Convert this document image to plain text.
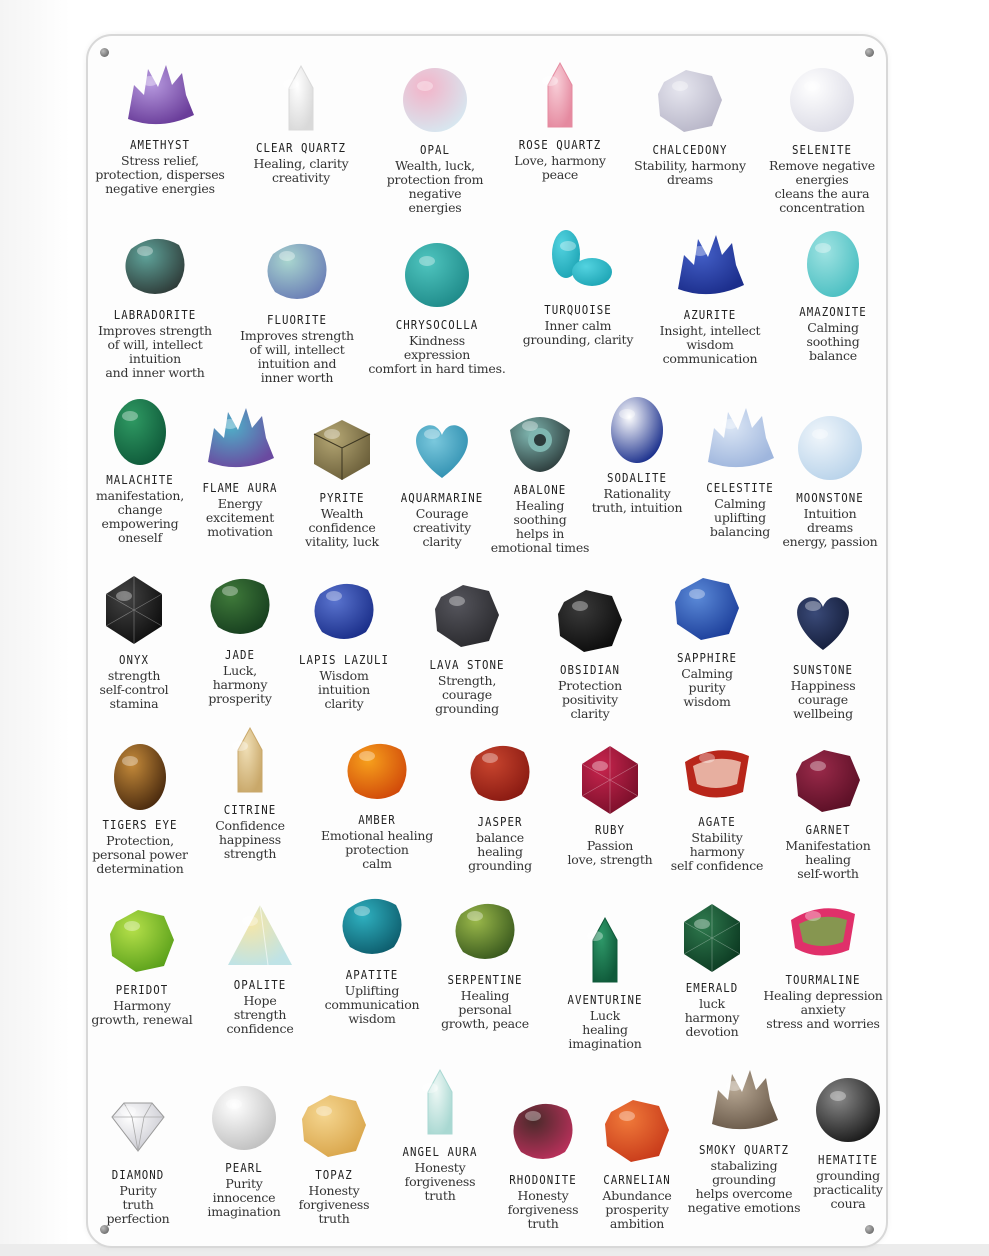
AMETHYST
Stress relief,
protection, disperses
negative energies
CLEAR QUARTZ
Healing, clarity
creativity
OPAL
Wealth, luck,
protection from
negative
energies
ROSE QUARTZ
Love, harmony
peace
CHALCEDONY
Stability, harmony
dreams
SELENITE
Remove negative
energies
cleans the aura
concentration
LABRADORITE
Improves strength
of will, intellect
intuition
and inner worth
FLUORITE
Improves strength
of will, intellect
intuition and
inner worth
CHRYSOCOLLA
Kindness
expression
comfort in hard times.
TURQUOISE
Inner calm
grounding, clarity
AZURITE
Insight, intellect
wisdom
communication
AMAZONITE
Calming
soothing
balance
MALACHITE
manifestation,
change
empowering
oneself
FLAME AURA
Energy
excitement
motivation
PYRITE
Wealth
confidence
vitality, luck
AQUARMARINE
Courage
creativity
clarity
ABALONE
Healing
soothing
helps in
emotional times
SODALITE
Rationality
truth, intuition
CELESTITE
Calming
uplifting
balancing
MOONSTONE
Intuition
dreams
energy, passion
ONYX
strength
self-control
stamina
JADE
Luck,
harmony
prosperity
LAPIS LAZULI
Wisdom
intuition
clarity
LAVA STONE
Strength,
courage
grounding
OBSIDIAN
Protection
positivity
clarity
SAPPHIRE
Calming
purity
wisdom
SUNSTONE
Happiness
courage
wellbeing
TIGERS EYE
Protection,
personal power
determination
CITRINE
Confidence
happiness
strength
AMBER
Emotional healing
protection
calm
JASPER
balance
healing
grounding
RUBY
Passion
love, strength
AGATE
Stability
harmony
self confidence
GARNET
Manifestation
healing
self-worth
PERIDOT
Harmony
growth, renewal
OPALITE
Hope
strength
confidence
APATITE
Uplifting
communication
wisdom
SERPENTINE
Healing
personal
growth, peace
AVENTURINE
Luck
healing
imagination
EMERALD
luck
harmony
devotion
TOURMALINE
Healing depression
anxiety
stress and worries
DIAMOND
Purity
truth
perfection
PEARL
Purity
innocence
imagination
TOPAZ
Honesty
forgiveness
truth
ANGEL AURA
Honesty
forgiveness
truth
RHODONITE
Honesty
forgiveness
truth
CARNELIAN
Abundance
prosperity
ambition
SMOKY QUARTZ
stabalizing
grounding
helps overcome
negative emotions
HEMATITE
grounding
practicality
coura
